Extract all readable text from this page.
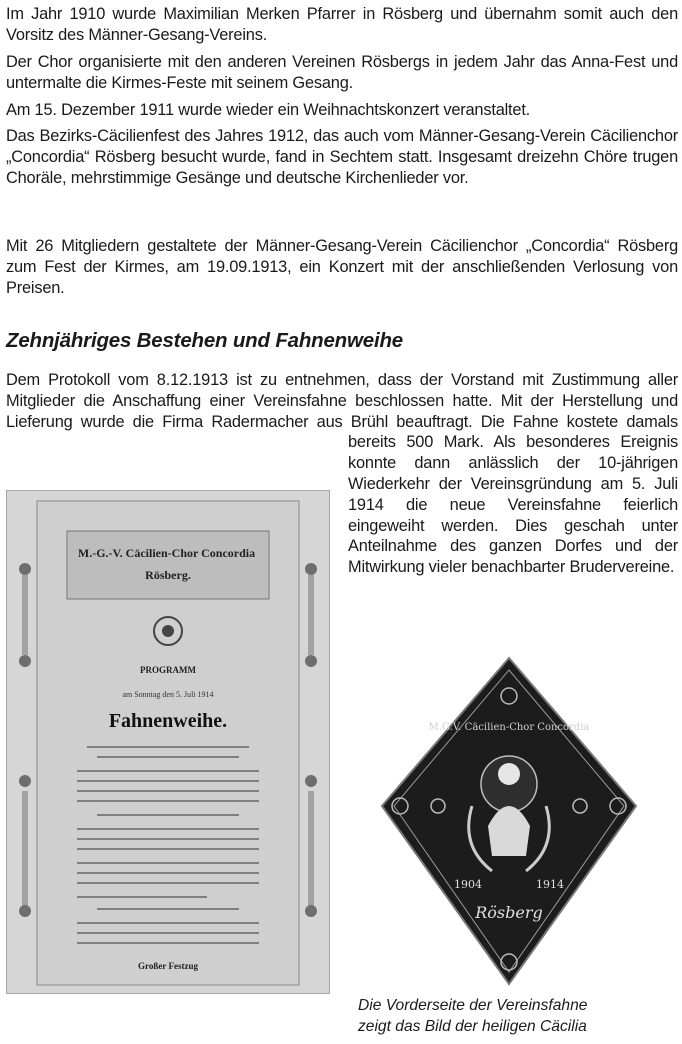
Im Jahr 1910 wurde Maximilian Merken Pfarrer in Rösberg und übernahm somit auch den Vorsitz des Männer-Gesang-Vereins.

Der Chor organisierte mit den anderen Vereinen Rösbergs in jedem Jahr das Anna-Fest und untermalte die Kirmes-Feste mit seinem Gesang.

Am 15. Dezember 1911 wurde wieder ein Weihnachtskonzert veranstaltet.

Das Bezirks-Cäcilienfest des Jahres 1912, das auch vom Männer-Gesang-Verein Cäcilienchor „Concordia“ Rösberg besucht wurde, fand in Sechtem statt. Insgesamt dreizehn Chöre trugen Choräle, mehrstimmige Gesänge und deutsche Kirchenlieder vor.

Mit 26 Mitgliedern gestaltete der Männer-Gesang-Verein Cäcilienchor „Concordia“ Rösberg zum Fest der Kirmes, am 19.09.1913, ein Konzert mit der anschließenden Verlosung von Preisen.

Zehnjähriges Bestehen und Fahnenweihe

Dem Protokoll vom 8.12.1913 ist zu entnehmen, dass der Vorstand mit Zustimmung aller Mitglieder die Anschaffung einer Vereinsfahne beschlossen hatte. Mit der Herstellung und Lieferung wurde die Firma Radermacher aus Brühl beauftragt. Die Fahne kostete damals bereits 500 Mark. Als besonderes Ereignis konnte dann anlässlich der 10-jährigen Wiederkehr der Vereinsgründung am 5. Juli 1914 die neue Vereinsfahne feierlich eingeweiht werden. Dies geschah unter Anteilnahme des ganzen Dorfes und der Mitwirkung vieler benachbarter Brudervereine.

M.-G.-V. Cäcilien-Chor Concordia Rösberg.
PROGRAMM
am Sonntag den 5. Juli 1914
Fahnenweihe.
Großer Festzug
M.G.V. Cäcilien-Chor Concordia
1904	1914
Rösberg

Die Vorderseite der Vereinsfahne
zeigt das Bild der heiligen Cäcilia
